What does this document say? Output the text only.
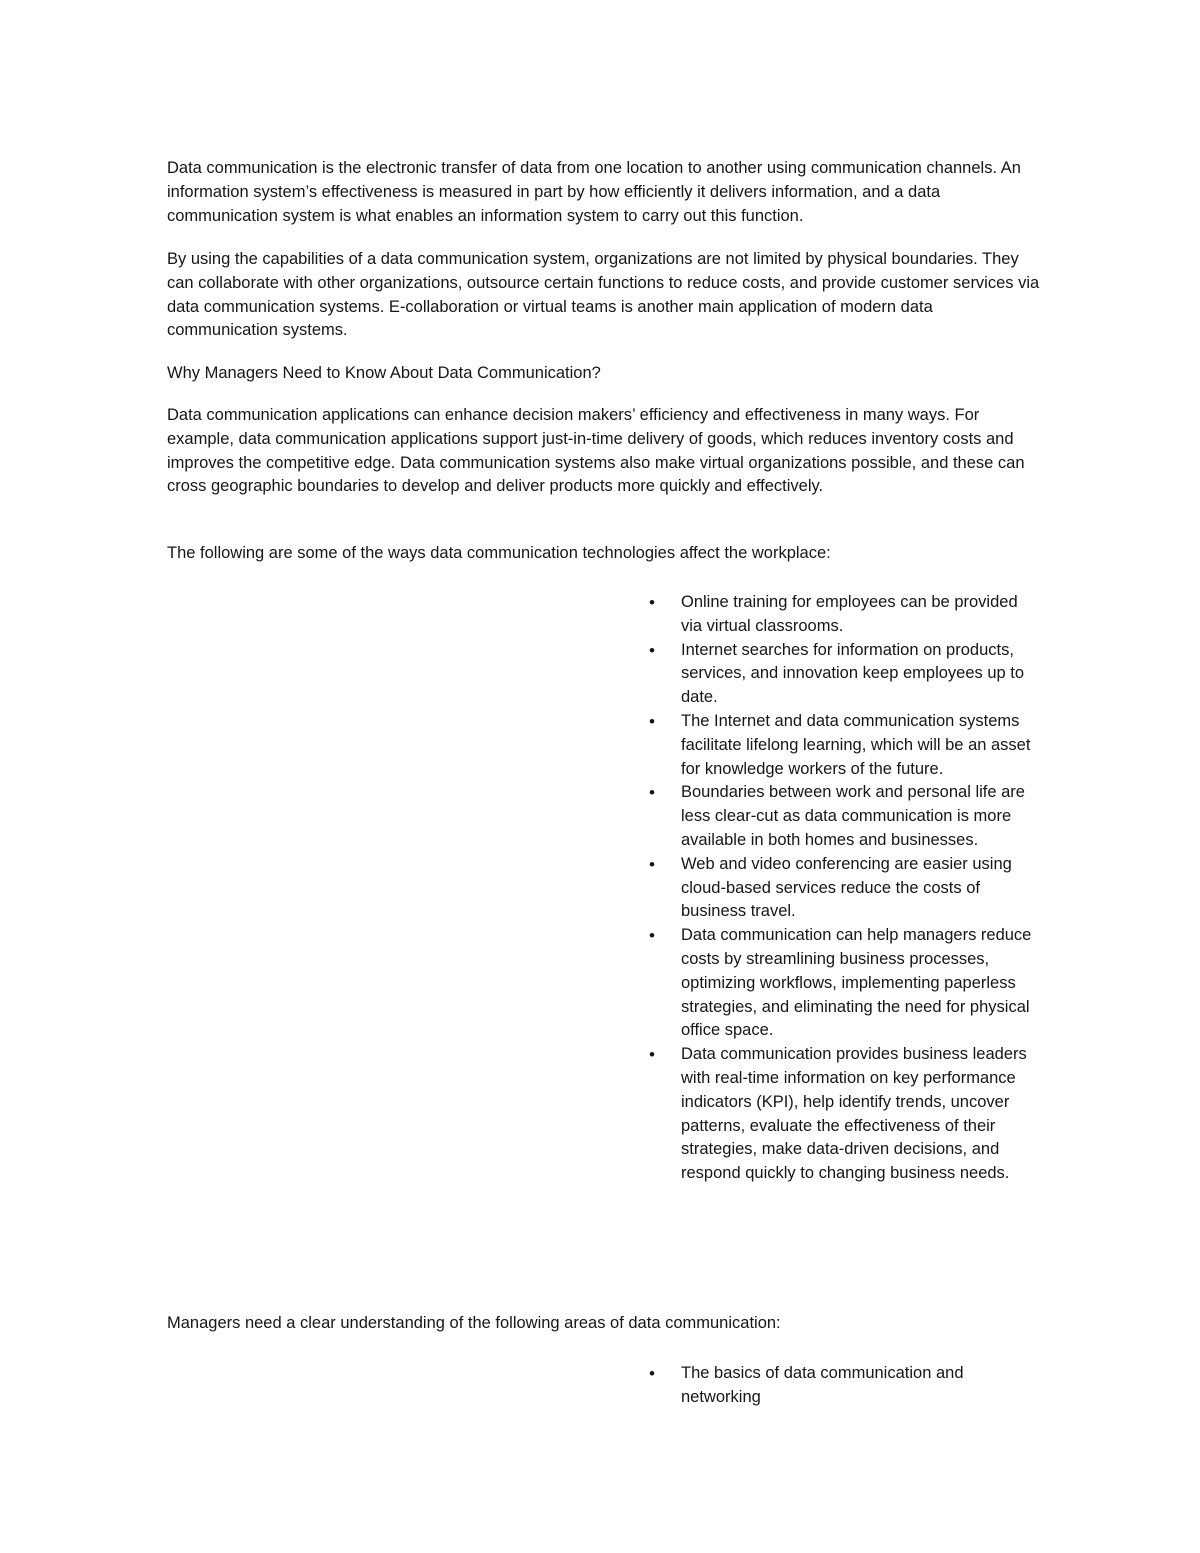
Data communication is the electronic transfer of data from one location to another using communication channels. An information system’s effectiveness is measured in part by how efficiently it delivers information, and a data communication system is what enables an information system to carry out this function.

By using the capabilities of a data communication system, organizations are not limited by physical boundaries. They can collaborate with other organizations, outsource certain functions to reduce costs, and provide customer services via data communication systems. E-collaboration or virtual teams is another main application of modern data communication systems.

Why Managers Need to Know About Data Communication?

Data communication applications can enhance decision makers’ efficiency and effectiveness in many ways. For example, data communication applications support just-in-time delivery of goods, which reduces inventory costs and improves the competitive edge. Data communication systems also make virtual organizations possible, and these can cross geographic boundaries to develop and deliver products more quickly and effectively.

The following are some of the ways data communication technologies affect the workplace:

• Online training for employees can be provided via virtual classrooms.
• Internet searches for information on products, services, and innovation keep employees up to date.
• The Internet and data communication systems facilitate lifelong learning, which will be an asset for knowledge workers of the future.
• Boundaries between work and personal life are less clear-cut as data communication is more available in both homes and businesses.
• Web and video conferencing are easier using cloud-based services reduce the costs of business travel.
• Data communication can help managers reduce costs by streamlining business processes, optimizing workflows, implementing paperless strategies, and eliminating the need for physical office space.
• Data communication provides business leaders with real-time information on key performance indicators (KPI), help identify trends, uncover patterns, evaluate the effectiveness of their strategies, make data-driven decisions, and respond quickly to changing business needs.

Managers need a clear understanding of the following areas of data communication:

• The basics of data communication and networking
